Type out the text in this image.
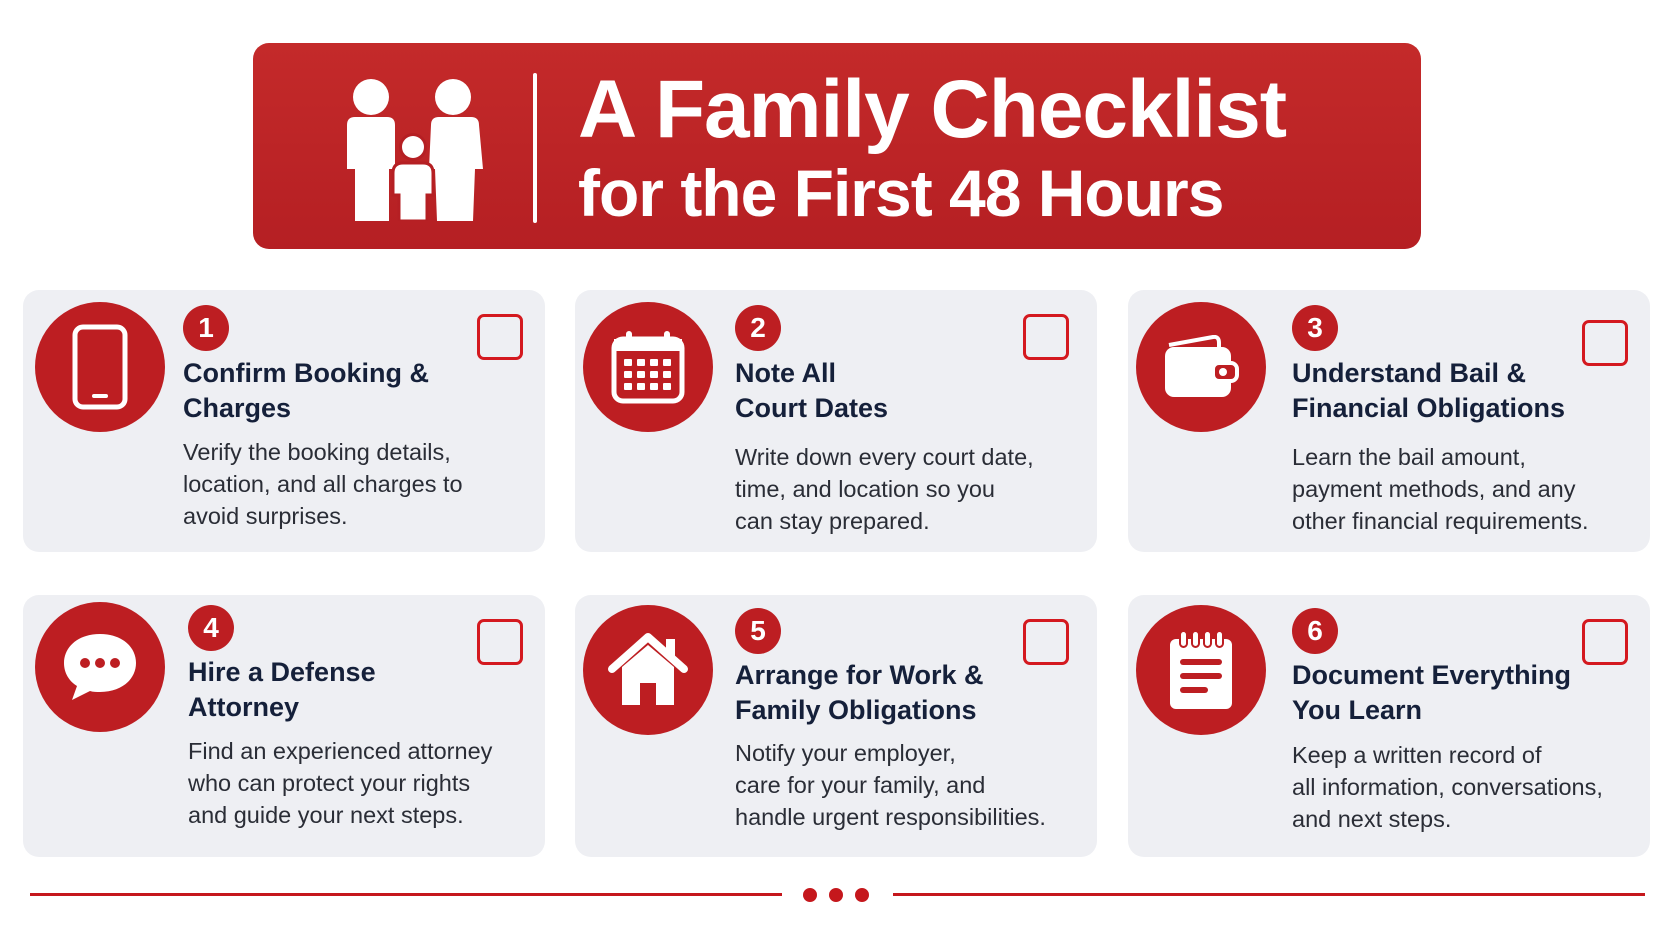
A Family Checklist
for the First 48 Hours
1
Confirm Booking &
Charges
Verify the booking details,
location, and all charges to
avoid surprises.
2
Note All
Court Dates
Write down every court date,
time, and location so you
can stay prepared.
3
Understand Bail &
Financial Obligations
Learn the bail amount,
payment methods, and any
other financial requirements.
4
Hire a Defense
Attorney
Find an experienced attorney
who can protect your rights
and guide your next steps.
5
Arrange for Work &
Family Obligations
Notify your employer,
care for your family, and
handle urgent responsibilities.
6
Document Everything
You Learn
Keep a written record of
all information, conversations,
and next steps.
